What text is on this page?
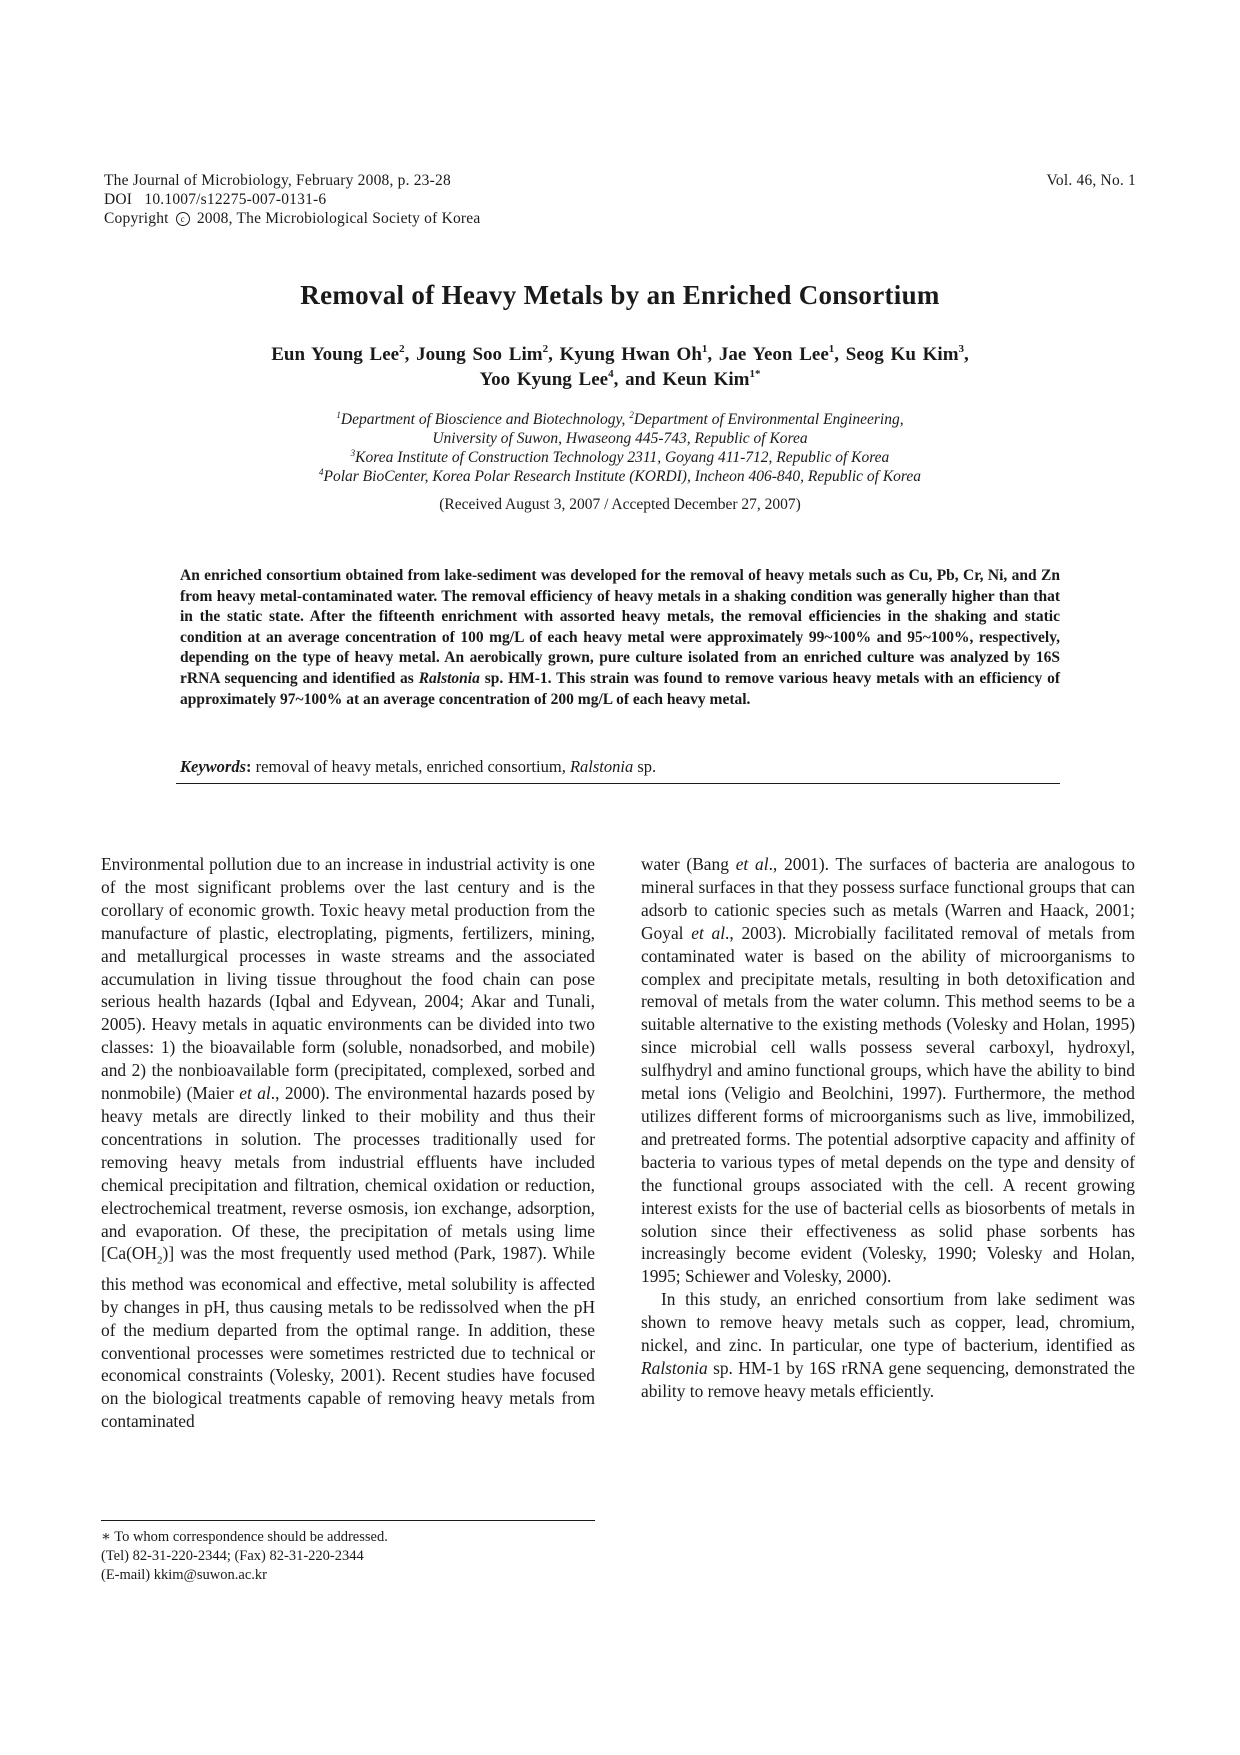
The Journal of Microbiology, February 2008, p. 23-28
DOI 10.1007/s12275-007-0131-6
Copyright c 2008, The Microbiological Society of Korea
Vol. 46, No. 1
Removal of Heavy Metals by an Enriched Consortium
Eun Young Lee$^2$, Joung Soo Lim$^2$, Kyung Hwan Oh$^1$, Jae Yeon Lee$^1$, Seog Ku Kim$^3$,
Yoo Kyung Lee$^4$, and Keun Kim$^{1*}$
$^1$Department of Bioscience and Biotechnology, $^2$Department of Environmental Engineering,
University of Suwon, Hwaseong 445-743, Republic of Korea
$^3$Korea Institute of Construction Technology 2311, Goyang 411-712, Republic of Korea
$^4$Polar BioCenter, Korea Polar Research Institute (KORDI), Incheon 406-840, Republic of Korea
(Received August 3, 2007 / Accepted December 27, 2007)
An enriched consortium obtained from lake-sediment was developed for the removal of heavy metals such as Cu, Pb, Cr, Ni, and Zn from heavy metal-contaminated water. The removal efficiency of heavy metals in a shaking condition was generally higher than that in the static state. After the fifteenth enrichment with assorted heavy metals, the removal efficiencies in the shaking and static condition at an average concentration of 100 mg/L of each heavy metal were approximately 99~100% and 95~100%, respectively, depending on the type of heavy metal. An aerobically grown, pure culture isolated from an enriched culture was analyzed by 16S rRNA sequencing and identified as Ralstonia sp. HM-1. This strain was found to remove various heavy metals with an efficiency of approximately 97~100% at an average concentration of 200 mg/L of each heavy metal.
Keywords: removal of heavy metals, enriched consortium, Ralstonia sp.

Environmental pollution due to an increase in industrial activity is one of the most significant problems over the last century and is the corollary of economic growth. Toxic heavy metal production from the manufacture of plastic, electroplating, pigments, fertilizers, mining, and metallurgical processes in waste streams and the associated accumulation in living tissue throughout the food chain can pose serious health hazards (Iqbal and Edyvean, 2004; Akar and Tunali, 2005). Heavy metals in aquatic environments can be divided into two classes: 1) the bioavailable form (soluble, nonadsorbed, and mobile) and 2) the nonbioavailable form (precipitated, complexed, sorbed and nonmobile) (Maier et al., 2000). The environmental hazards posed by heavy metals are directly linked to their mobility and thus their concentrations in solution. The processes traditionally used for removing heavy metals from industrial effluents have included chemical precipitation and filtration, chemical oxidation or reduction, electrochemical treatment, reverse osmosis, ion exchange, adsorption, and evaporation. Of these, the precipitation of metals using lime $[Ca(OH_2)]$ was the most frequently used method (Park, 1987). While this method was economical and effective, metal solubility is affected by changes in pH, thus causing metals to be redissolved when the pH of the medium departed from the optimal range. In addition, these conventional processes were sometimes restricted due to technical or economical constraints (Volesky, 2001). Recent studies have focused on the biological treatments capable of removing heavy metals from contaminated

water (Bang et al., 2001). The surfaces of bacteria are analogous to mineral surfaces in that they possess surface functional groups that can adsorb to cationic species such as metals (Warren and Haack, 2001; Goyal et al., 2003). Microbially facilitated removal of metals from contaminated water is based on the ability of microorganisms to complex and precipitate metals, resulting in both detoxification and removal of metals from the water column. This method seems to be a suitable alternative to the existing methods (Volesky and Holan, 1995) since microbial cell walls possess several carboxyl, hydroxyl, sulfhydryl and amino functional groups, which have the ability to bind metal ions (Veligio and Beolchini, 1997). Furthermore, the method utilizes different forms of microorganisms such as live, immobilized, and pretreated forms. The potential adsorptive capacity and affinity of bacteria to various types of metal depends on the type and density of the functional groups associated with the cell. A recent growing interest exists for the use of bacterial cells as biosorbents of metals in solution since their effectiveness as solid phase sorbents has increasingly become evident (Volesky, 1990; Volesky and Holan, 1995; Schiewer and Volesky, 2000).

In this study, an enriched consortium from lake sediment was shown to remove heavy metals such as copper, lead, chromium, nickel, and zinc. In particular, one type of bacterium, identified as Ralstonia sp. HM-1 by 16S rRNA gene sequencing, demonstrated the ability to remove heavy metals efficiently.

∗ To whom correspondence should be addressed.
(Tel) 82-31-220-2344; (Fax) 82-31-220-2344
(E-mail) kkim@suwon.ac.kr
